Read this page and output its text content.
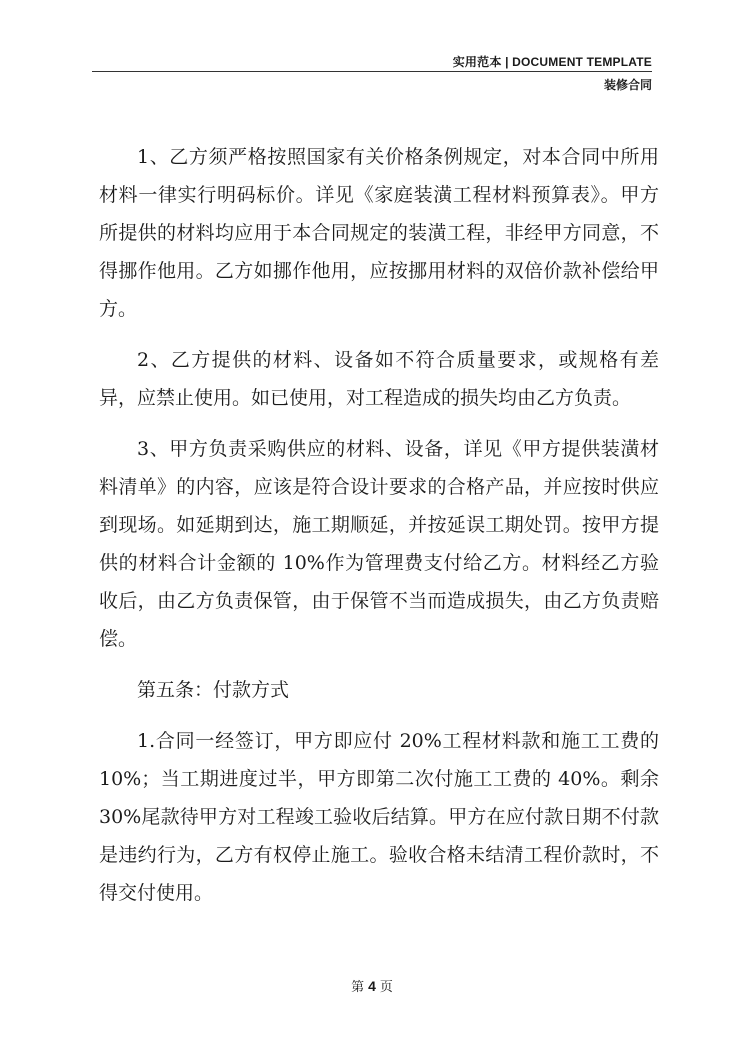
实用范本 | DOCUMENT TEMPLATE
装修合同

1、乙方须严格按照国家有关价格条例规定，对本合同中所用材料一律实行明码标价。详见《家庭装潢工程材料预算表》。甲方所提供的材料均应用于本合同规定的装潢工程，非经甲方同意，不得挪作他用。乙方如挪作他用，应按挪用材料的双倍价款补偿给甲方。

2、乙方提供的材料、设备如不符合质量要求，或规格有差异，应禁止使用。如已使用，对工程造成的损失均由乙方负责。

3、甲方负责采购供应的材料、设备，详见《甲方提供装潢材料清单》的内容，应该是符合设计要求的合格产品，并应按时供应到现场。如延期到达，施工期顺延，并按延误工期处罚。按甲方提供的材料合计金额的 10%作为管理费支付给乙方。材料经乙方验收后，由乙方负责保管，由于保管不当而造成损失，由乙方负责赔偿。

第五条：付款方式

1.合同一经签订，甲方即应付 20%工程材料款和施工工费的 10%；当工期进度过半，甲方即第二次付施工工费的 40%。剩余 30%尾款待甲方对工程竣工验收后结算。甲方在应付款日期不付款是违约行为，乙方有权停止施工。验收合格未结清工程价款时，不得交付使用。

第 4 页
